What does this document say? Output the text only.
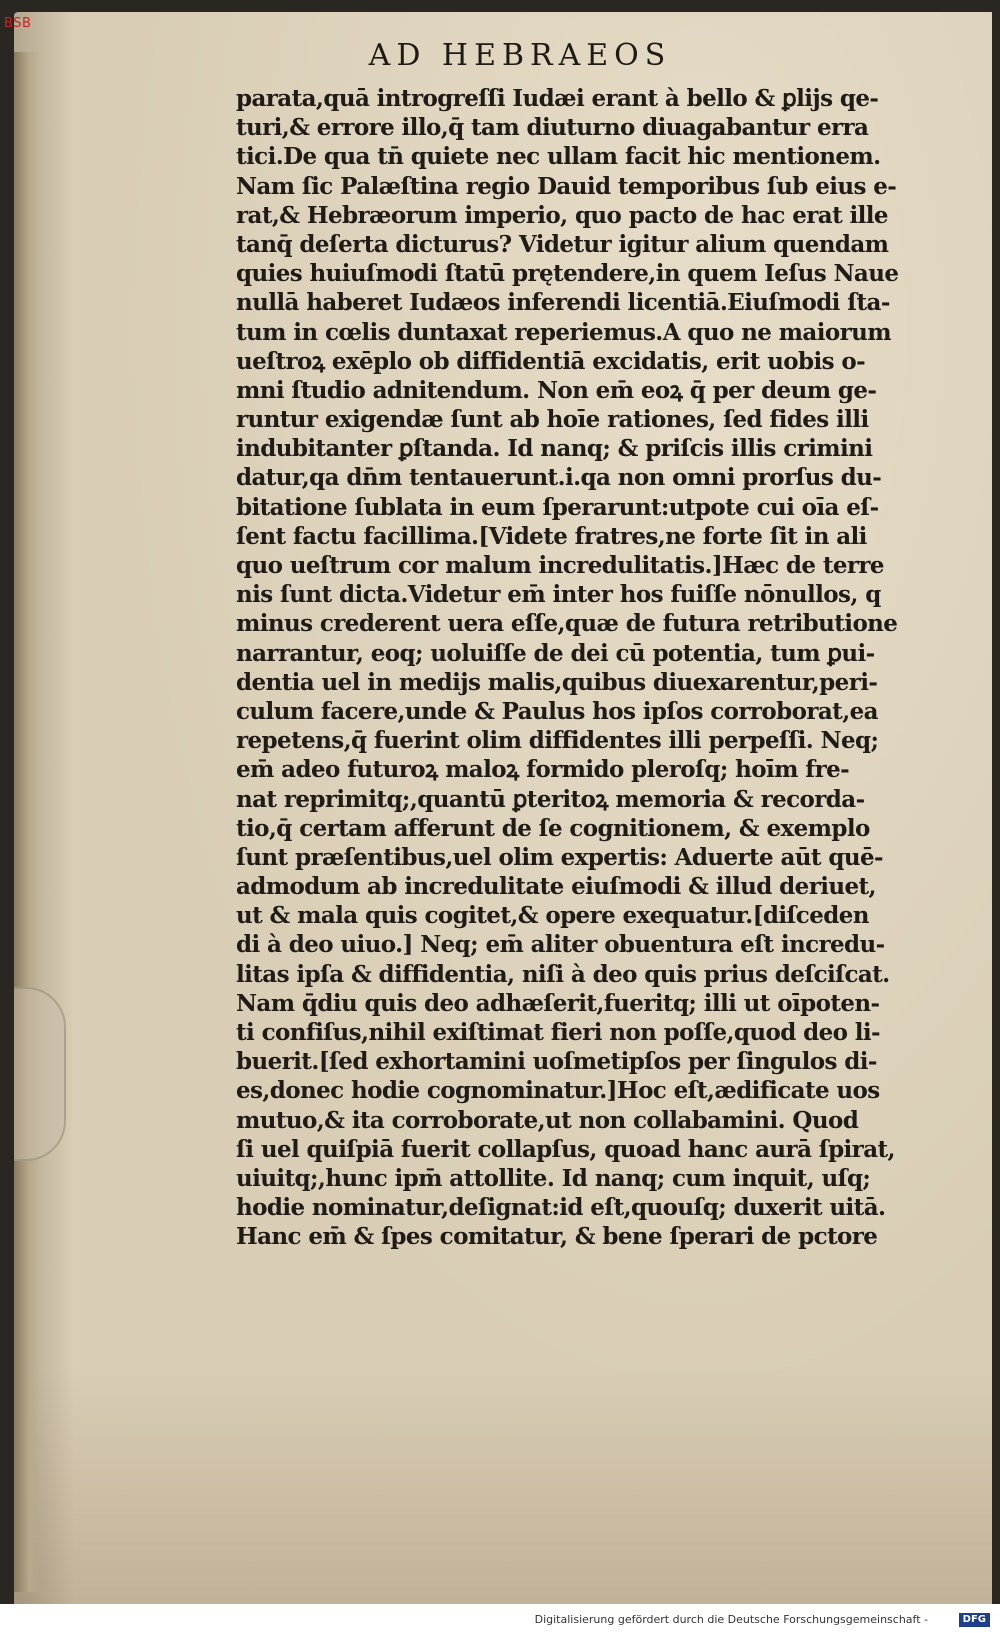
BSB
AD HEBRAEOS
parata,quā introgreſſi Iudæi erant à bello & ꝑlijs qe-
turi,& errore illo,q̄ tam diuturno diuagabantur erra
tici.De qua tn̄ quiete nec ullam facit hic mentionem.
Nam ſic Palæſtina regio Dauid temporibus ſub eius e-
rat,& Hebræorum imperio, quo pacto de hac erat ille
tanq̄ deſerta dicturus? Videtur igitur alium quendam
quies huiuſmodi ſtatū prętendere,in quem Ieſus Naue
nullā haberet Iudæos inferendi licentiā.Eiuſmodi ſta-
tum in cœlis duntaxat reperiemus.A quo ne maiorum
ueſtroꝝ exēplo ob diffidentiā excidatis, erit uobis o-
mni ſtudio adnitendum. Non em̄ eoꝝ q̄ per deum ge-
runtur exigendæ ſunt ab hoīe rationes, ſed fides illi
indubitanter ꝑſtanda. Id nanq; & priſcis illis crimini
datur,qa dn̄m tentauerunt.i.qa non omni prorſus du-
bitatione ſublata in eum ſperarunt:utpote cui oīa eſ-
ſent factu facillima.[Videte fratres,ne forte ſit in ali
quo ueſtrum cor malum incredulitatis.]Hæc de terre
nis ſunt dicta.Videtur em̄ inter hos fuiſſe nōnullos, q
minus crederent uera eſſe,quæ de futura retributione
narrantur, eoq; uoluiſſe de dei cū potentia, tum ꝑui-
dentia uel in medijs malis,quibus diuexarentur,peri-
culum facere,unde & Paulus hos ipſos corroborat,ea
repetens,q̄ fuerint olim diffidentes illi perpeſſi. Neq;
em̄ adeo futuroꝝ maloꝝ formido pleroſq; hoīm fre-
nat reprimitq;,quantū ꝑteritoꝝ memoria & recorda-
tio,q̄ certam afferunt de ſe cognitionem, & exemplo
ſunt præſentibus,uel olim expertis: Aduerte aūt quē-
admodum ab incredulitate eiuſmodi & illud deriuet,
ut & mala quis cogitet,& opere exequatur.[diſceden
di à deo uiuo.] Neq; em̄ aliter obuentura eſt incredu-
litas ipſa & diffidentia, niſi à deo quis prius deſciſcat.
Nam q̄diu quis deo adhæſerit,fueritq; illi ut oīpoten-
ti confiſus,nihil exiſtimat fieri non poſſe,quod deo li-
buerit.[ſed exhortamini uoſmetipſos per ſingulos di-
es,donec hodie cognominatur.]Hoc eſt,ædificate uos
mutuo,& ita corroborate,ut non collabamini. Quod
ſi uel quiſpiā fuerit collapſus, quoad hanc aurā ſpirat,
uiuitq;,hunc ipm̄ attollite. Id nanq; cum inquit, uſq;
hodie nominatur,deſignat:id eſt,quouſq; duxerit uitā.
Hanc em̄ & ſpes comitatur, & bene ſperari de pctore
Digitalisierung gefördert durch die Deutsche Forschungsgemeinschaft -	DFG
